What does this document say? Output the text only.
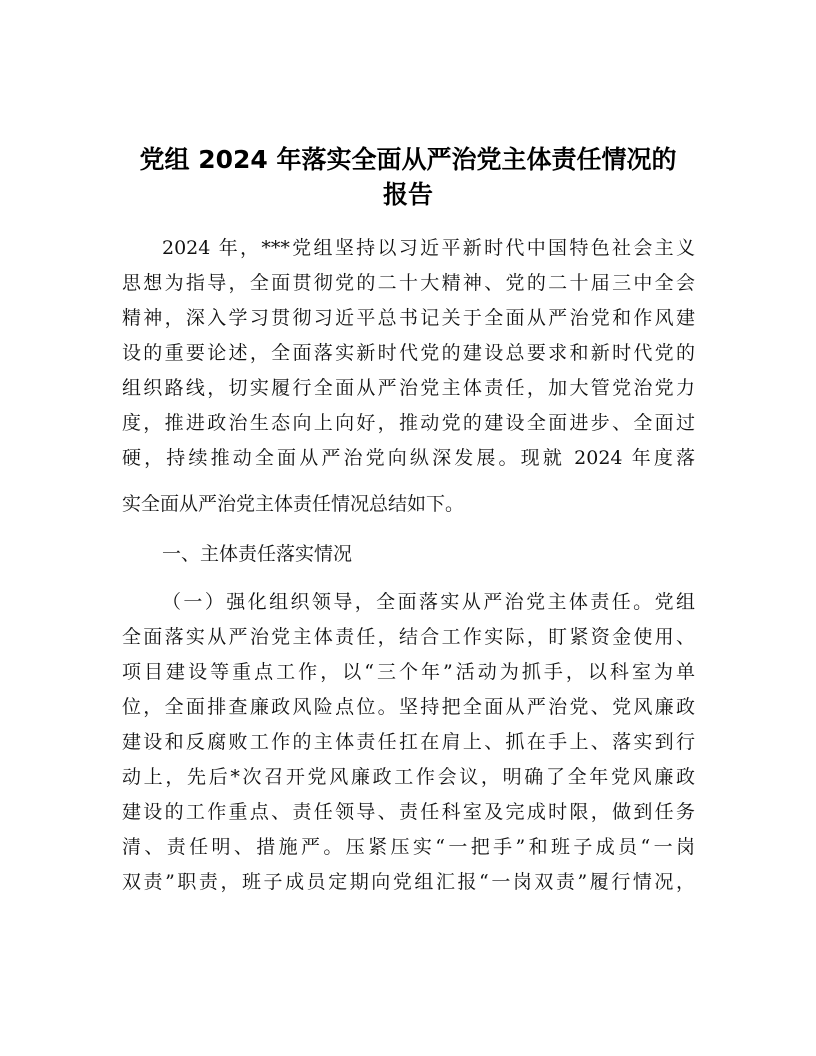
党组 2024 年落实全面从严治党主体责任情况的
报告
2024 年，***党组坚持以习近平新时代中国特色社会主义
思想为指导，全面贯彻党的二十大精神、党的二十届三中全会
精神，深入学习贯彻习近平总书记关于全面从严治党和作风建
设的重要论述，全面落实新时代党的建设总要求和新时代党的
组织路线，切实履行全面从严治党主体责任，加大管党治党力
度，推进政治生态向上向好，推动党的建设全面进步、全面过
硬，持续推动全面从严治党向纵深发展。现就 2024 年度落
实全面从严治党主体责任情况总结如下。
一、主体责任落实情况
（一）强化组织领导，全面落实从严治党主体责任。党组
全面落实从严治党主体责任，结合工作实际，盯紧资金使用、
项目建设等重点工作，以“三个年”活动为抓手，以科室为单
位，全面排查廉政风险点位。坚持把全面从严治党、党风廉政
建设和反腐败工作的主体责任扛在肩上、抓在手上、落实到行
动上，先后*次召开党风廉政工作会议，明确了全年党风廉政
建设的工作重点、责任领导、责任科室及完成时限，做到任务
清、责任明、措施严。压紧压实“一把手”和班子成员“一岗
双责”职责，班子成员定期向党组汇报“一岗双责”履行情况，
